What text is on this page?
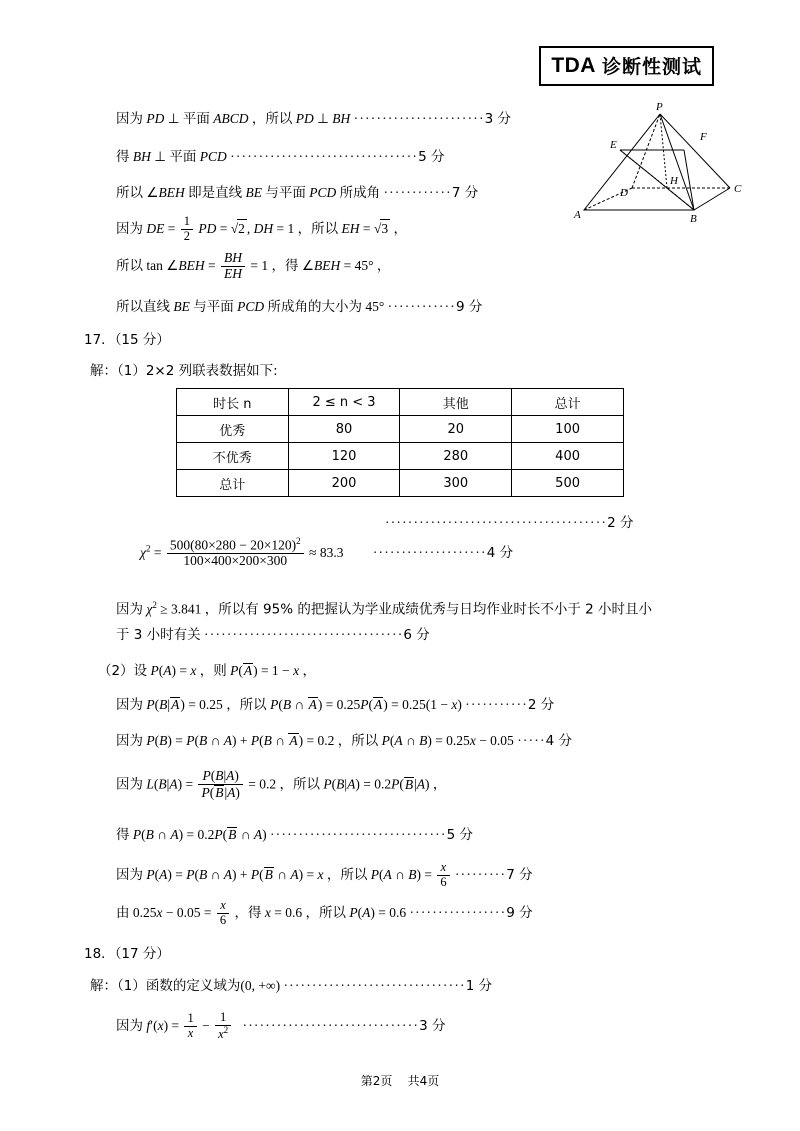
TDA 诊断性测试
P
F
E
D
H
C
A	B
因为 PD ⊥ 平面 ABCD ，所以 PD ⊥ BH ·······················3 分
得 BH ⊥ 平面 PCD ·································5 分
所以 ∠BEH 即是直线 BE 与平面 PCD 所成角 ············7 分
因为 DE = $\frac{1}{2}$ PD = √2 , DH = 1 ，所以 EH = √3 ，
所以 tan ∠BEH = $\frac{BH}{EH} = 1$ ，得 ∠BEH = 45° ，
所以直线 BE 与平面 PCD 所成角的大小为 45° ············9 分
17．（15 分）
解：（1）2×2 列联表数据如下:
时长 n	2 ≤ n < 3	其他	总计
优秀	80	20	100
不优秀	120	280	400
总计	200	300	500
·······································2 分
$\chi^2 = \frac{500(80\times 280 - 20\times 120)^2}{100\times 400\times 200\times 300} \approx 83.3 \cdot\cdot\cdot\cdot\cdot\cdot\cdot\cdot\cdot\cdot\cdot\cdot\cdot\cdot\cdot\cdot\cdot\cdot\cdot\cdot 4$ 分
因为 $\chi^2 \ge 3.841$ ，所以有 95% 的把握认为学业成绩优秀与日均作业时长不小于 2 小时且小
于 3 小时有关 ···································6 分
（2）设 P(A) = x ，则 P(A) = 1 − x ，
因为 P(B|A) = 0.25 ，所以 P(B ∩ A) = 0.25P(A) = 0.25(1 − x) ···········2 分
因为 P(B) = P(B ∩ A) + P(B ∩ A) = 0.2 ，所以 P(A ∩ B) = 0.25x − 0.05 ·····4 分
因为 $L(B|A) = \frac{P(B|A)}{P(B|A)} = 0.2$ ，所以 P(B|A) = 0.2P(B|A) ，
得 P(B ∩ A) = 0.2P(B ∩ A) ·······························5 分
因为 P(A) = P(B ∩ A) + P(B ∩ A) = x ，所以 P(A ∩ $B) = \frac{x}{6} \cdot\cdot\cdot\cdot\cdot\cdot\cdot\cdot\cdot 7$ 分
由 $0.25x - 0.05 = \frac{x}{6}$ ，得 x = 0.6 ，所以 P(A) = 0.6 ·················9 分
18．（17 分）
解：（1）函数的定义域为(0, +∞) ································1 分
因为 $f'(x) = \frac{1}{x} - \frac{1}{x^2} \cdot\cdot\cdot\cdot\cdot\cdot\cdot\cdot\cdot\cdot\cdot\cdot\cdot\cdot\cdot\cdot\cdot\cdot\cdot\cdot\cdot\cdot\cdot\cdot\cdot\cdot\cdot\cdot\cdot\cdot\cdot 3$ 分
第2页 共4页
